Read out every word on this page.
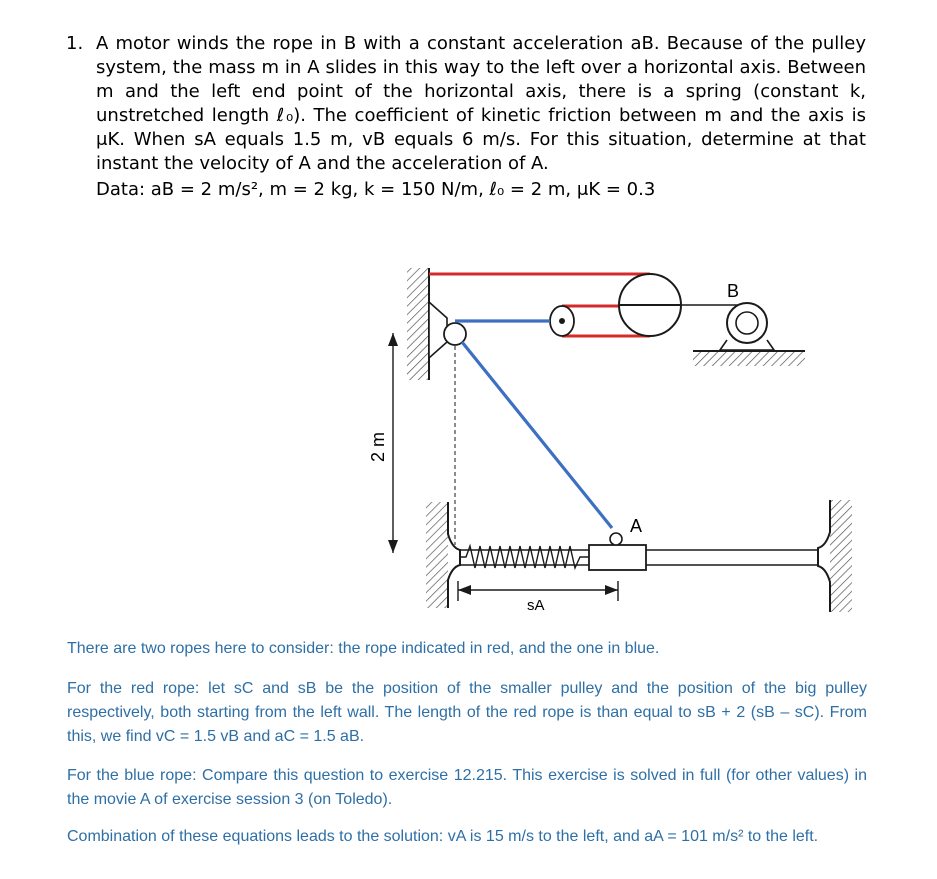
1. A motor winds the rope in B with a constant acceleration aB. Because of the pulley system, the mass m in A slides in this way to the left over a horizontal axis. Between m and the left end point of the horizontal axis, there is a spring (constant k, unstretched length ℓ₀). The coefficient of kinetic friction between m and the axis is μK. When sA equals 1.5 m, vB equals 6 m/s. For this situation, determine at that instant the velocity of A and the acceleration of A.
Data: aB = 2 m/s², m = 2 kg, k = 150 N/m, ℓ₀ = 2 m, μK = 0.3
B
2 m
A
sA

There are two ropes here to consider: the rope indicated in red, and the one in blue.

For the red rope: let sC and sB be the position of the smaller pulley and the position of the big pulley respectively, both starting from the left wall. The length of the red rope is than equal to sB + 2 (sB – sC). From this, we find vC = 1.5 vB and aC = 1.5 aB.

For the blue rope: Compare this question to exercise 12.215. This exercise is solved in full (for other values) in the movie A of exercise session 3 (on Toledo).

Combination of these equations leads to the solution: vA is 15 m/s to the left, and aA = 101 m/s² to the left.
